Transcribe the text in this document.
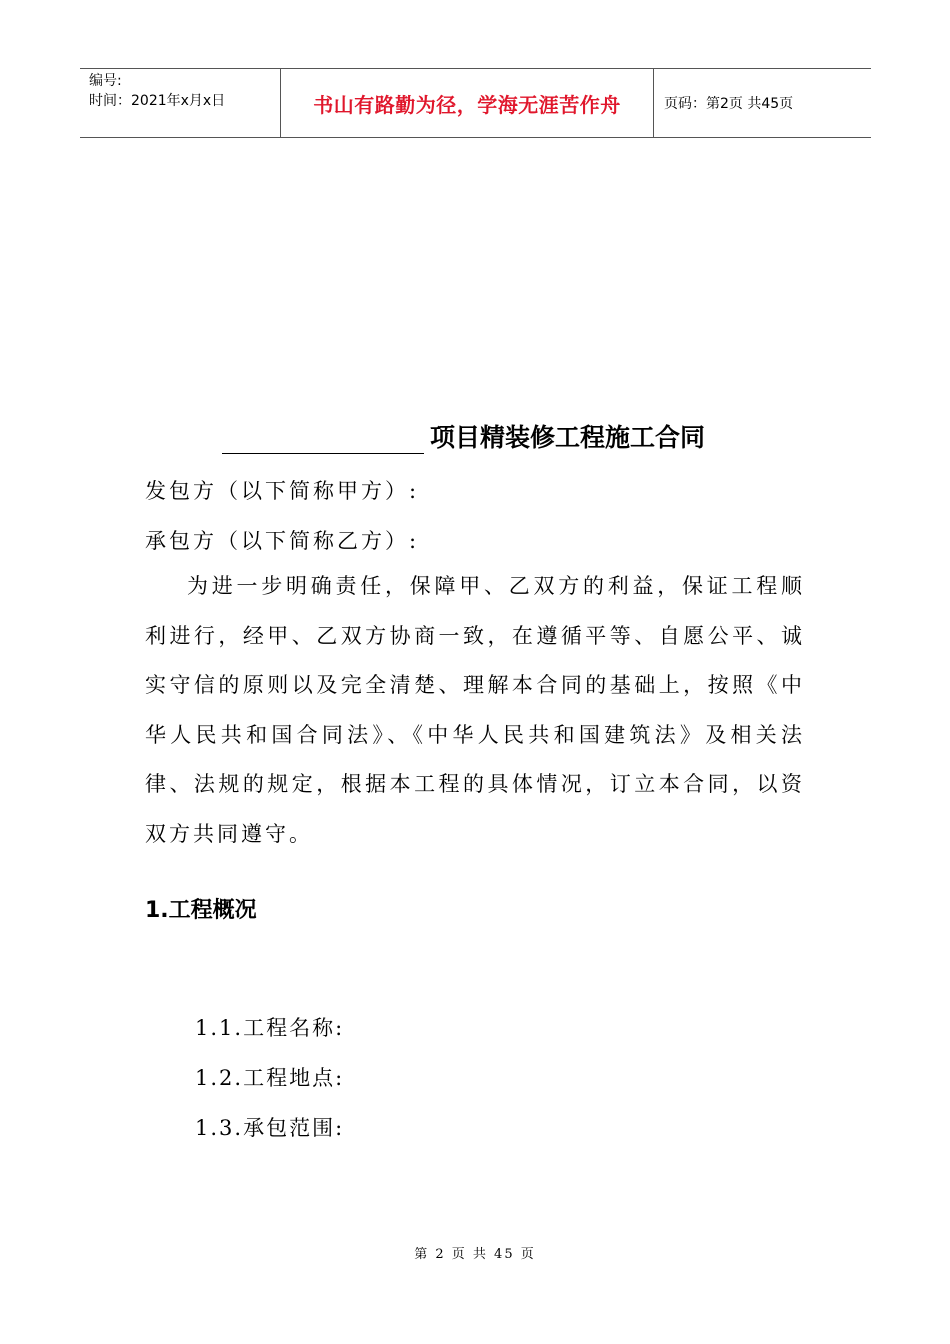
编号:
时间：2021年x月x日	书山有路勤为径，学海无涯苦作舟	页码：第2页 共45页
项目精装修工程施工合同
发包方（以下简称甲方）:
承包方（以下简称乙方）:
为进一步明确责任，保障甲、乙双方的利益，保证工程顺利进行，经甲、乙双方协商一致，在遵循平等、自愿公平、诚实守信的原则以及完全清楚、理解本合同的基础上，按照《中华人民共和国合同法》、《中华人民共和国建筑法》及相关法律、法规的规定，根据本工程的具体情况，订立本合同，以资双方共同遵守。
1.工程概况
1.1.工程名称:
1.2.工程地点:
1.3.承包范围:
第 2 页 共 45 页
